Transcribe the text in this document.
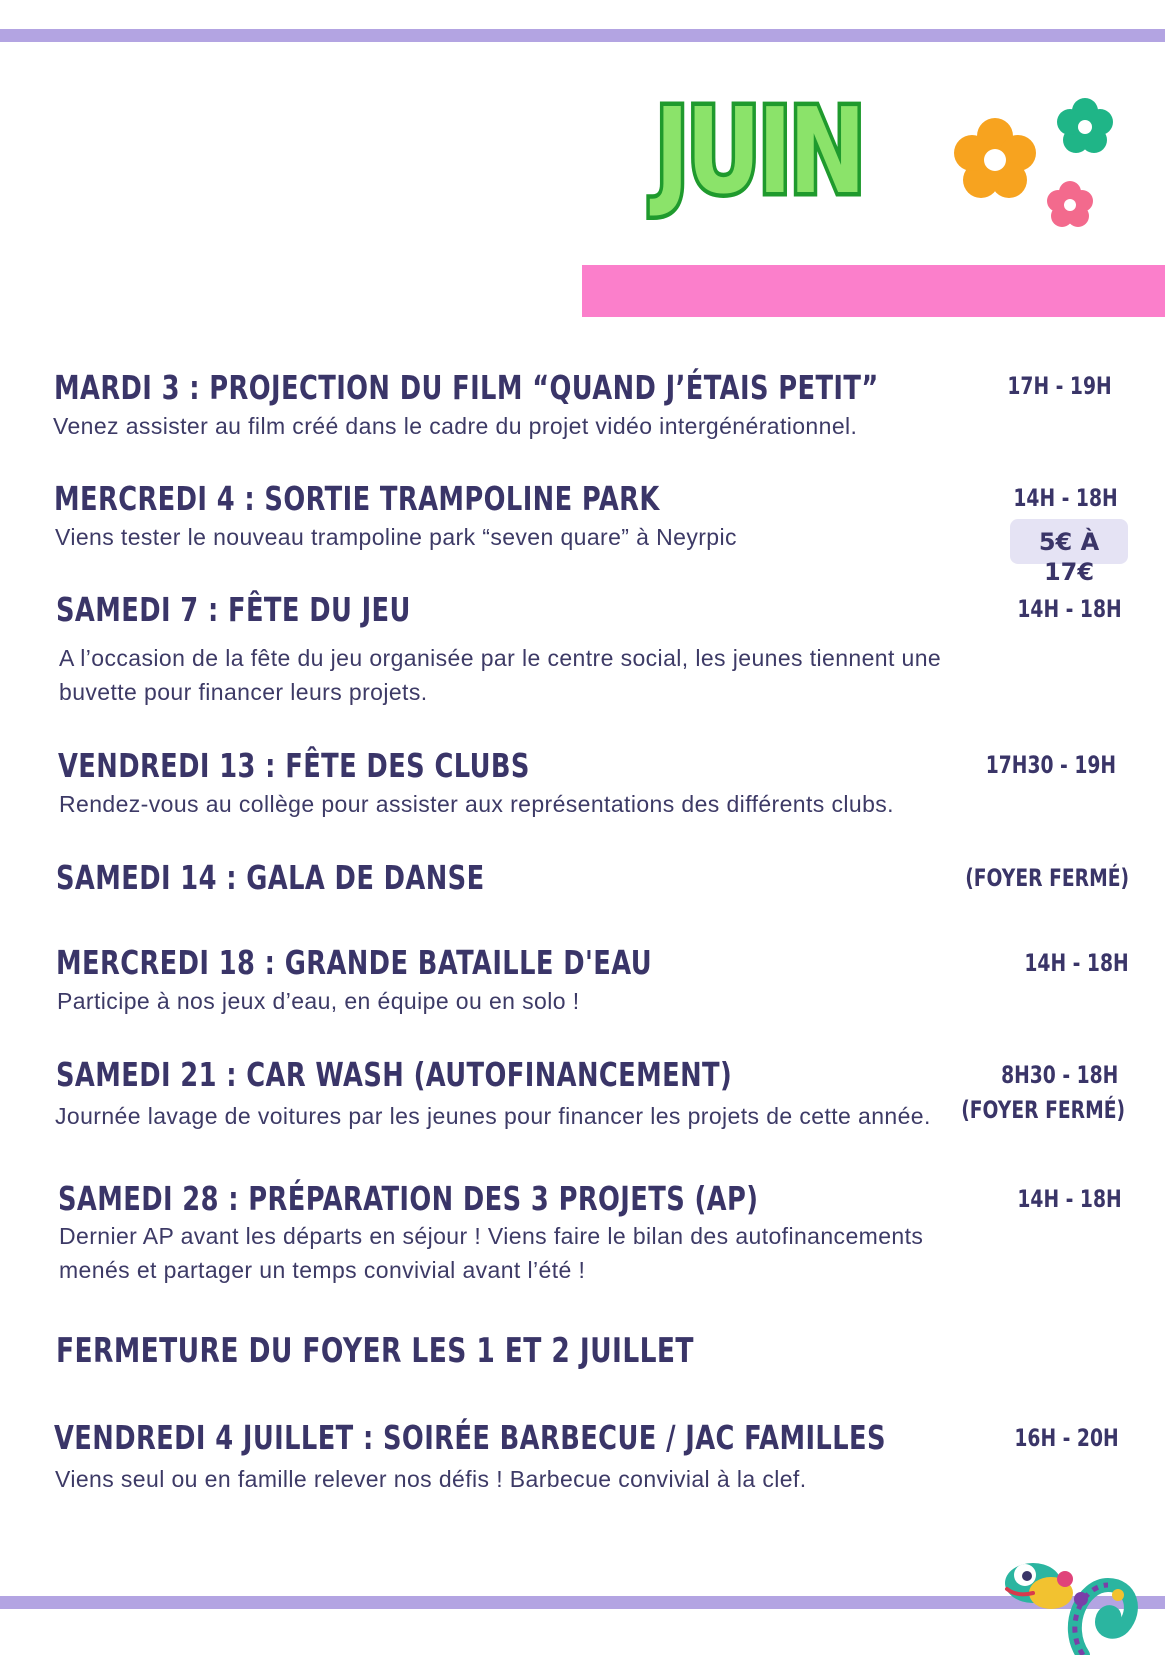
JUIN
MARDI 3 : PROJECTION DU FILM “QUAND J’ÉTAIS PETIT”	17H - 19H
Venez assister au film créé dans le cadre du projet vidéo intergénérationnel.
MERCREDI 4 : SORTIE TRAMPOLINE PARK	14H - 18H
Viens tester le nouveau trampoline park “seven quare” à Neyrpic	5€ À 17€
SAMEDI 7 : FÊTE DU JEU	14H - 18H
A l’occasion de la fête du jeu organisée par le centre social, les jeunes tiennent une
buvette pour financer leurs projets.
VENDREDI 13 : FÊTE DES CLUBS	17H30 - 19H
Rendez-vous au collège pour assister aux représentations des différents clubs.
SAMEDI 14 : GALA DE DANSE	(FOYER FERMÉ)
MERCREDI 18 : GRANDE BATAILLE D'EAU	14H - 18H
Participe à nos jeux d’eau, en équipe ou en solo !
SAMEDI 21 : CAR WASH (AUTOFINANCEMENT)	8H30 - 18H
(FOYER FERMÉ)
Journée lavage de voitures par les jeunes pour financer les projets de cette année.
SAMEDI 28 : PRÉPARATION DES 3 PROJETS (AP)	14H - 18H
Dernier AP avant les départs en séjour ! Viens faire le bilan des autofinancements
menés et partager un temps convivial avant l’été !
FERMETURE DU FOYER LES 1 ET 2 JUILLET
VENDREDI 4 JUILLET : SOIRÉE BARBECUE / JAC FAMILLES	16H - 20H
Viens seul ou en famille relever nos défis ! Barbecue convivial à la clef.
